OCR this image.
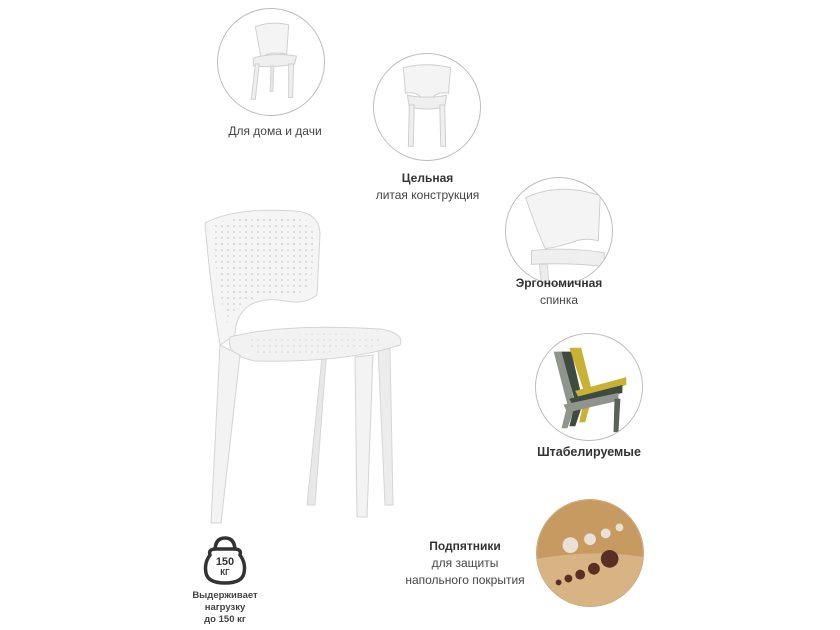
Для дома и дачи
Цельная
литая конструкция
Эргономичная
спинка
Штабелируемые
Подпятники
для защиты
напольного покрытия
150
КГ
Выдерживает
нагрузку
до 150 кг
